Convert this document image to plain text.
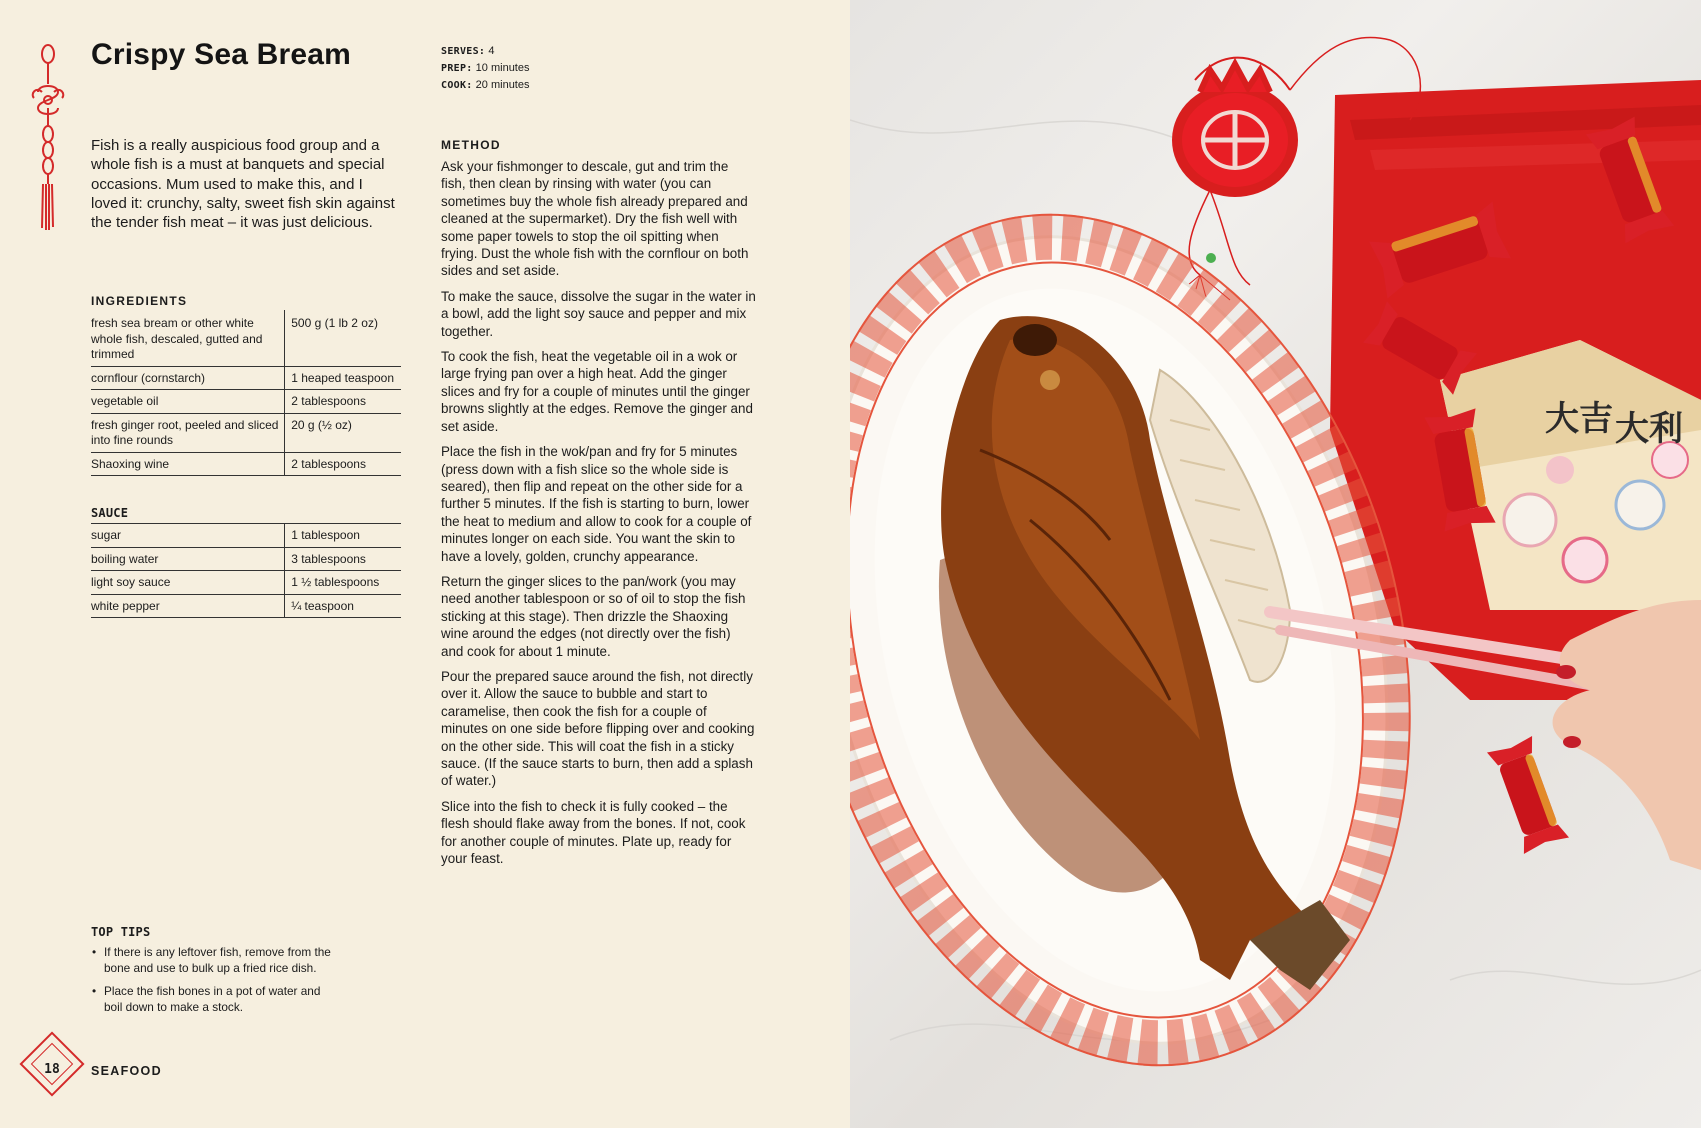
Crispy Sea Bream	SERVES: 4
PREP: 10 minutes
COOK: 20 minutes

Fish is a really auspicious food group and a whole fish is a must at banquets and special occasions. Mum used to make this, and I loved it: crunchy, salty, sweet fish skin against the tender fish meat – it was just delicious.

INGREDIENTS
fresh sea bream or other white whole fish, descaled, gutted and trimmed	500 g (1 lb 2 oz)
cornflour (cornstarch)	1 heaped teaspoon
vegetable oil	2 tablespoons
fresh ginger root, peeled and sliced into fine rounds	20 g (½ oz)
Shaoxing wine	2 tablespoons
SAUCE
sugar	1 tablespoon
boiling water	3 tablespoons
light soy sauce	1 ½ tablespoons
white pepper	¼ teaspoon
METHOD

Ask your fishmonger to descale, gut and trim the fish, then clean by rinsing with water (you can sometimes buy the whole fish already prepared and cleaned at the supermarket). Dry the fish well with some paper towels to stop the oil spitting when frying. Dust the whole fish with the cornflour on both sides and set aside.

To make the sauce, dissolve the sugar in the water in a bowl, add the light soy sauce and pepper and mix together.

To cook the fish, heat the vegetable oil in a wok or large frying pan over a high heat. Add the ginger slices and fry for a couple of minutes until the ginger browns slightly at the edges. Remove the ginger and set aside.

Place the fish in the wok/pan and fry for 5 minutes (press down with a fish slice so the whole side is seared), then flip and repeat on the other side for a further 5 minutes. If the fish is starting to burn, lower the heat to medium and allow to cook for a couple of minutes longer on each side. You want the skin to have a lovely, golden, crunchy appearance.

Return the ginger slices to the pan/work (you may need another tablespoon or so of oil to stop the fish sticking at this stage). Then drizzle the Shaoxing wine around the edges (not directly over the fish) and cook for about 1 minute.

Pour the prepared sauce around the fish, not directly over it. Allow the sauce to bubble and start to caramelise, then cook the fish for a couple of minutes on one side before flipping over and cooking on the other side. This will coat the fish in a sticky sauce. (If the sauce starts to burn, then add a splash of water.)

Slice into the fish to check it is fully cooked – the flesh should flake away from the bones. If not, cook for another couple of minutes. Plate up, ready for your feast.

TOP TIPS
• If there is any leftover fish, remove from the bone and use to bulk up a fried rice dish.
• Place the fish bones in a pot of water and boil down to make a stock.
18	SEAFOOD
大吉 大利
